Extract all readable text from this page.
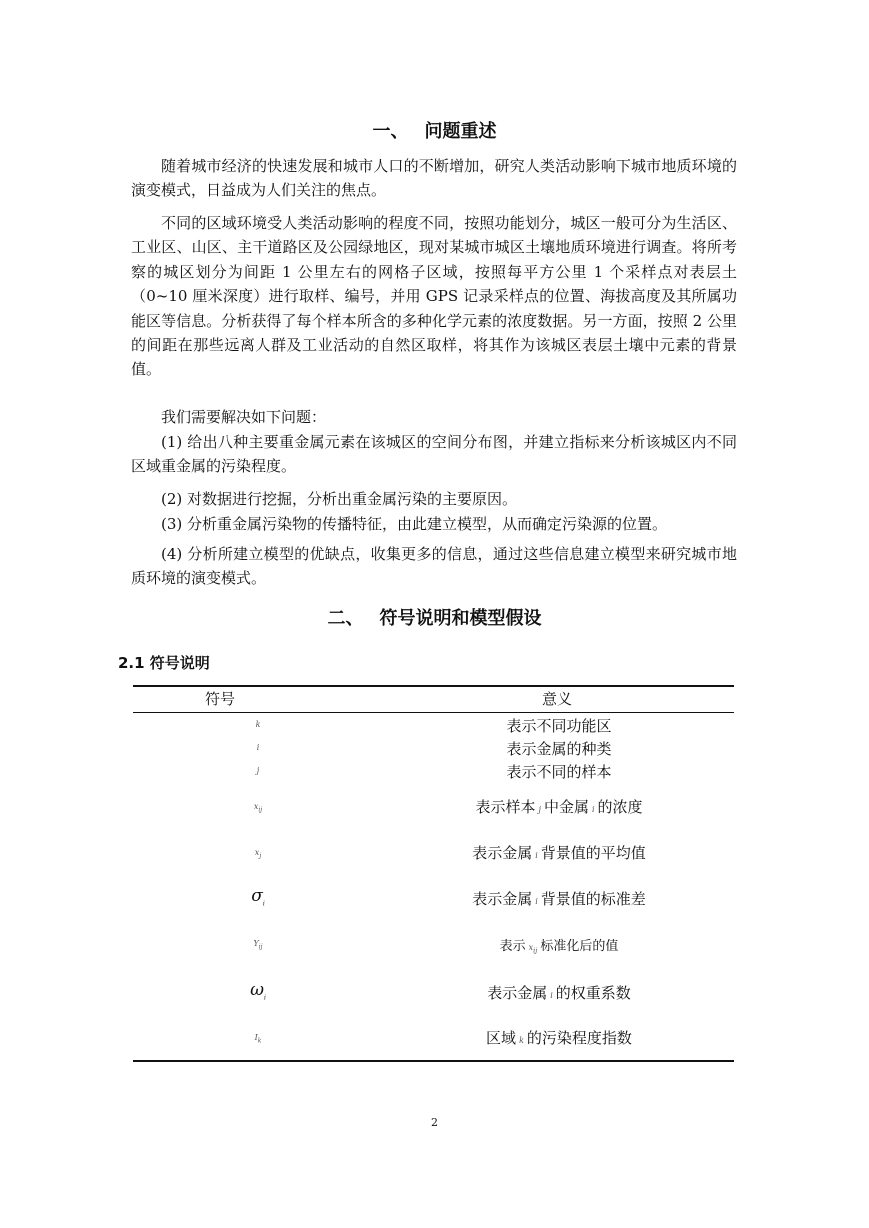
一、 问题重述

随着城市经济的快速发展和城市人口的不断增加，研究人类活动影响下城市地质环境的演变模式，日益成为人们关注的焦点。

不同的区域环境受人类活动影响的程度不同，按照功能划分，城区一般可分为生活区、工业区、山区、主干道路区及公园绿地区，现对某城市城区土壤地质环境进行调查。将所考察的城区划分为间距 1 公里左右的网格子区域，按照每平方公里 1 个采样点对表层土（0~10 厘米深度）进行取样、编号，并用 GPS 记录采样点的位置、海拔高度及其所属功能区等信息。分析获得了每个样本所含的多种化学元素的浓度数据。另一方面，按照 2 公里的间距在那些远离人群及工业活动的自然区取样，将其作为该城区表层土壤中元素的背景值。

我们需要解决如下问题：

(1) 给出八种主要重金属元素在该城区的空间分布图，并建立指标来分析该城区内不同区域重金属的污染程度。

(2) 对数据进行挖掘，分析出重金属污染的主要原因。

(3) 分析重金属污染物的传播特征，由此建立模型，从而确定污染源的位置。

(4) 分析所建立模型的优缺点，收集更多的信息，通过这些信息建立模型来研究城市地质环境的演变模式。

二、 符号说明和模型假设
2.1 符号说明
符号	意义
k	表示不同功能区
i	表示金属的种类
j	表示不同的样本
$x_{ij}$	表示样本 j 中金属 i 的浓度
$x_j$	表示金属 i 背景值的平均值
$\sigma_i$	表示金属 i 背景值的标准差
$Y_{ij}$	表示 $x_{ij}$ 标准化后的值
$\omega_i$	表示金属 i 的权重系数
$I_k$	区域 k 的污染程度指数
2
